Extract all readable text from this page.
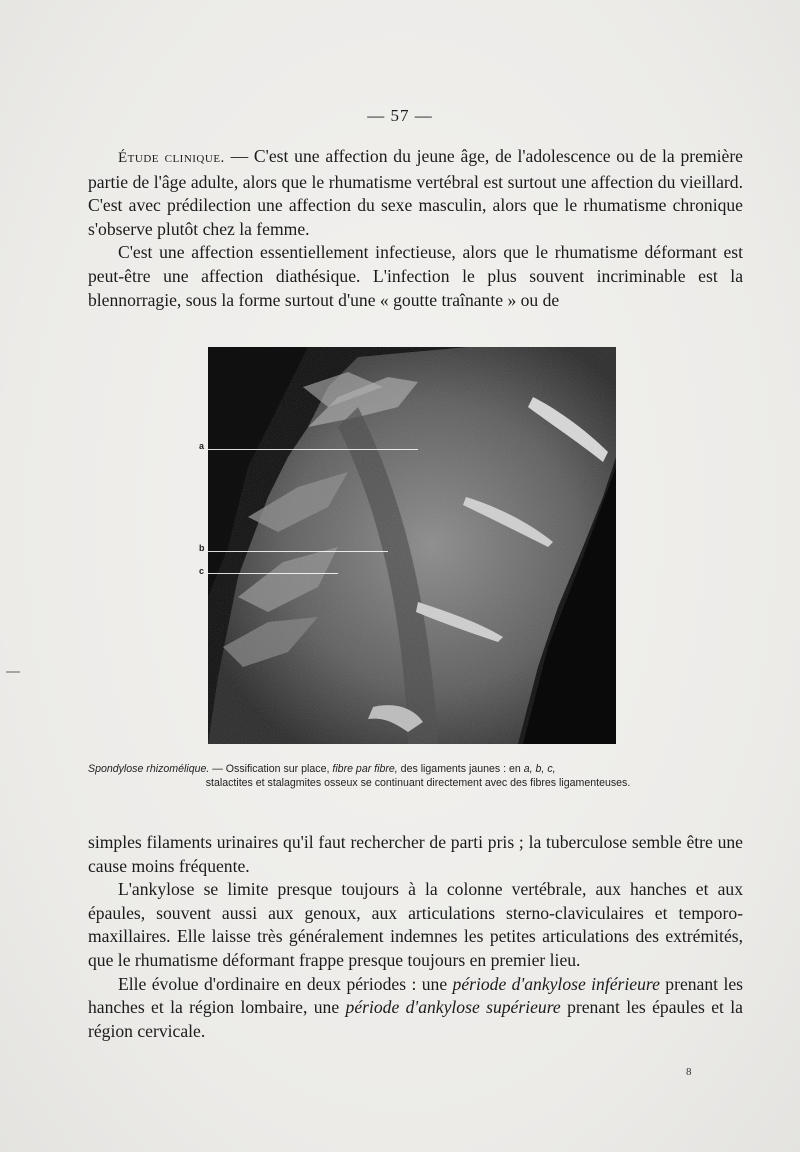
— 57 —

Étude clinique. — C'est une affection du jeune âge, de l'adolescence ou de la première partie de l'âge adulte, alors que le rhumatisme vertébral est surtout une affection du vieillard. C'est avec prédilection une affection du sexe masculin, alors que le rhumatisme chronique s'observe plutôt chez la femme.

C'est une affection essentiellement infectieuse, alors que le rhumatisme déformant est peut-être une affection diathésique. L'infection le plus souvent incriminable est la blennorragie, sous la forme surtout d'une « goutte traînante » ou de

a
b
c
Spondylose rhizomélique. — Ossification sur place, fibre par fibre, des ligaments jaunes : en a, b, c,
stalactites et stalagmites osseux se continuant directement avec des fibres ligamenteuses.

simples filaments urinaires qu'il faut rechercher de parti pris ; la tuberculose semble être une cause moins fréquente.

L'ankylose se limite presque toujours à la colonne vertébrale, aux hanches et aux épaules, souvent aussi aux genoux, aux articulations sterno-claviculaires et temporo-maxillaires. Elle laisse très généralement indemnes les petites articulations des extrémités, que le rhumatisme déformant frappe presque toujours en premier lieu.

Elle évolue d'ordinaire en deux périodes : une période d'ankylose inférieure prenant les hanches et la région lombaire, une période d'ankylose supérieure prenant les épaules et la région cervicale.

8
